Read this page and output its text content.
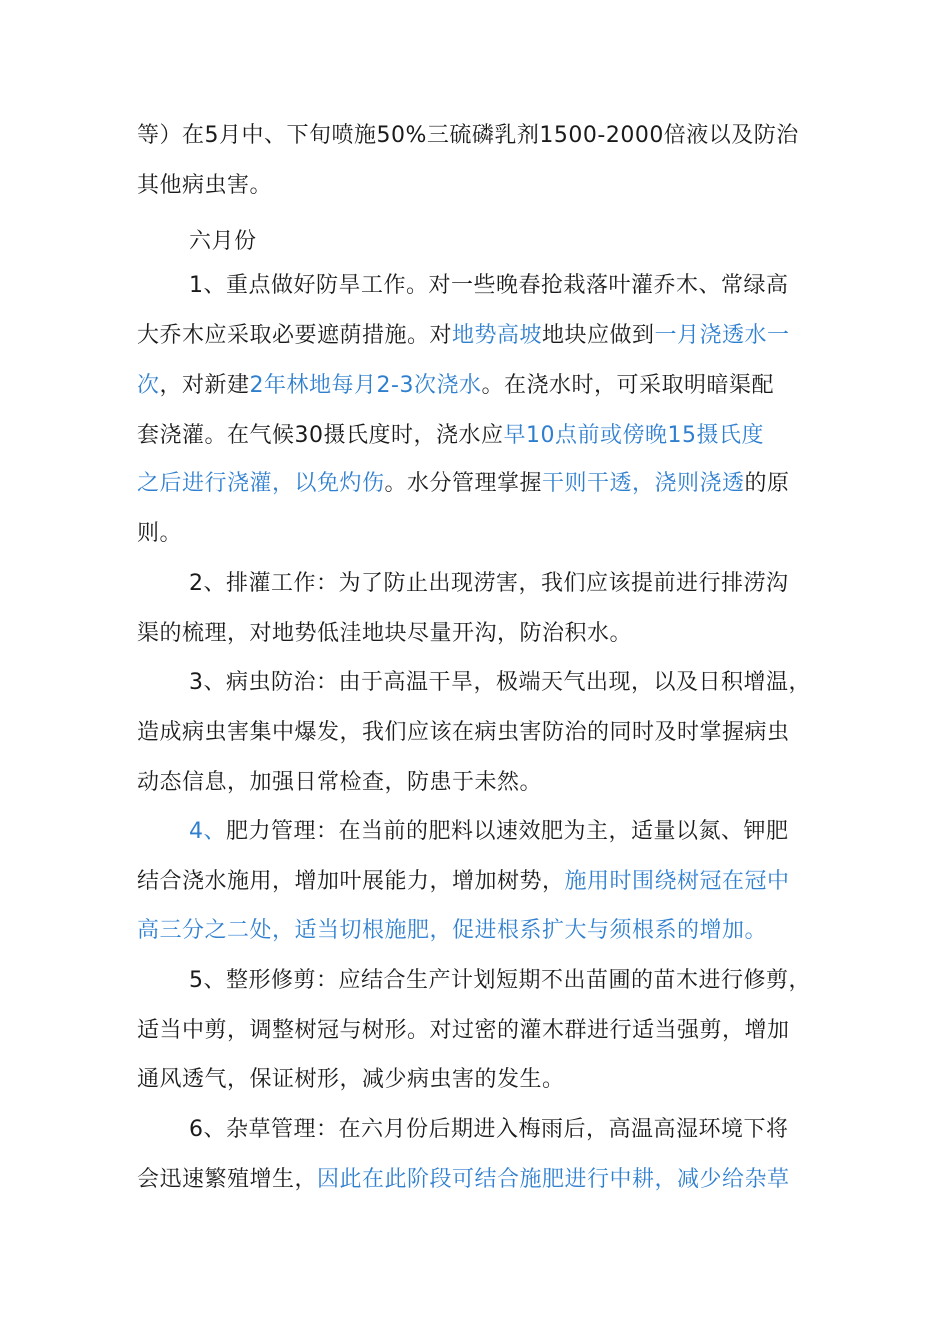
等）在5月中、下旬喷施50%三硫磷乳剂1500-2000倍液以及防治
其他病虫害。
六月份
1、重点做好防旱工作。对一些晚春抢栽落叶灌乔木、常绿高
大乔木应采取必要遮荫措施。对地势高坡地块应做到一月浇透水一
次，对新建2年林地每月2-3次浇水。在浇水时，可采取明暗渠配
套浇灌。在气候30摄氏度时，浇水应早10点前或傍晚15摄氏度
之后进行浇灌，以免灼伤。水分管理掌握干则干透，浇则浇透的原
则。
2、排灌工作：为了防止出现涝害，我们应该提前进行排涝沟
渠的梳理，对地势低洼地块尽量开沟，防治积水。
3、病虫防治：由于高温干旱，极端天气出现，以及日积增温，
造成病虫害集中爆发，我们应该在病虫害防治的同时及时掌握病虫
动态信息，加强日常检查，防患于未然。
4、肥力管理：在当前的肥料以速效肥为主，适量以氮、钾肥
结合浇水施用，增加叶展能力，增加树势，施用时围绕树冠在冠中
高三分之二处，适当切根施肥，促进根系扩大与须根系的增加。
5、整形修剪：应结合生产计划短期不出苗圃的苗木进行修剪，
适当中剪，调整树冠与树形。对过密的灌木群进行适当强剪，增加
通风透气，保证树形，减少病虫害的发生。
6、杂草管理：在六月份后期进入梅雨后，高温高湿环境下将
会迅速繁殖增生，因此在此阶段可结合施肥进行中耕，减少给杂草
